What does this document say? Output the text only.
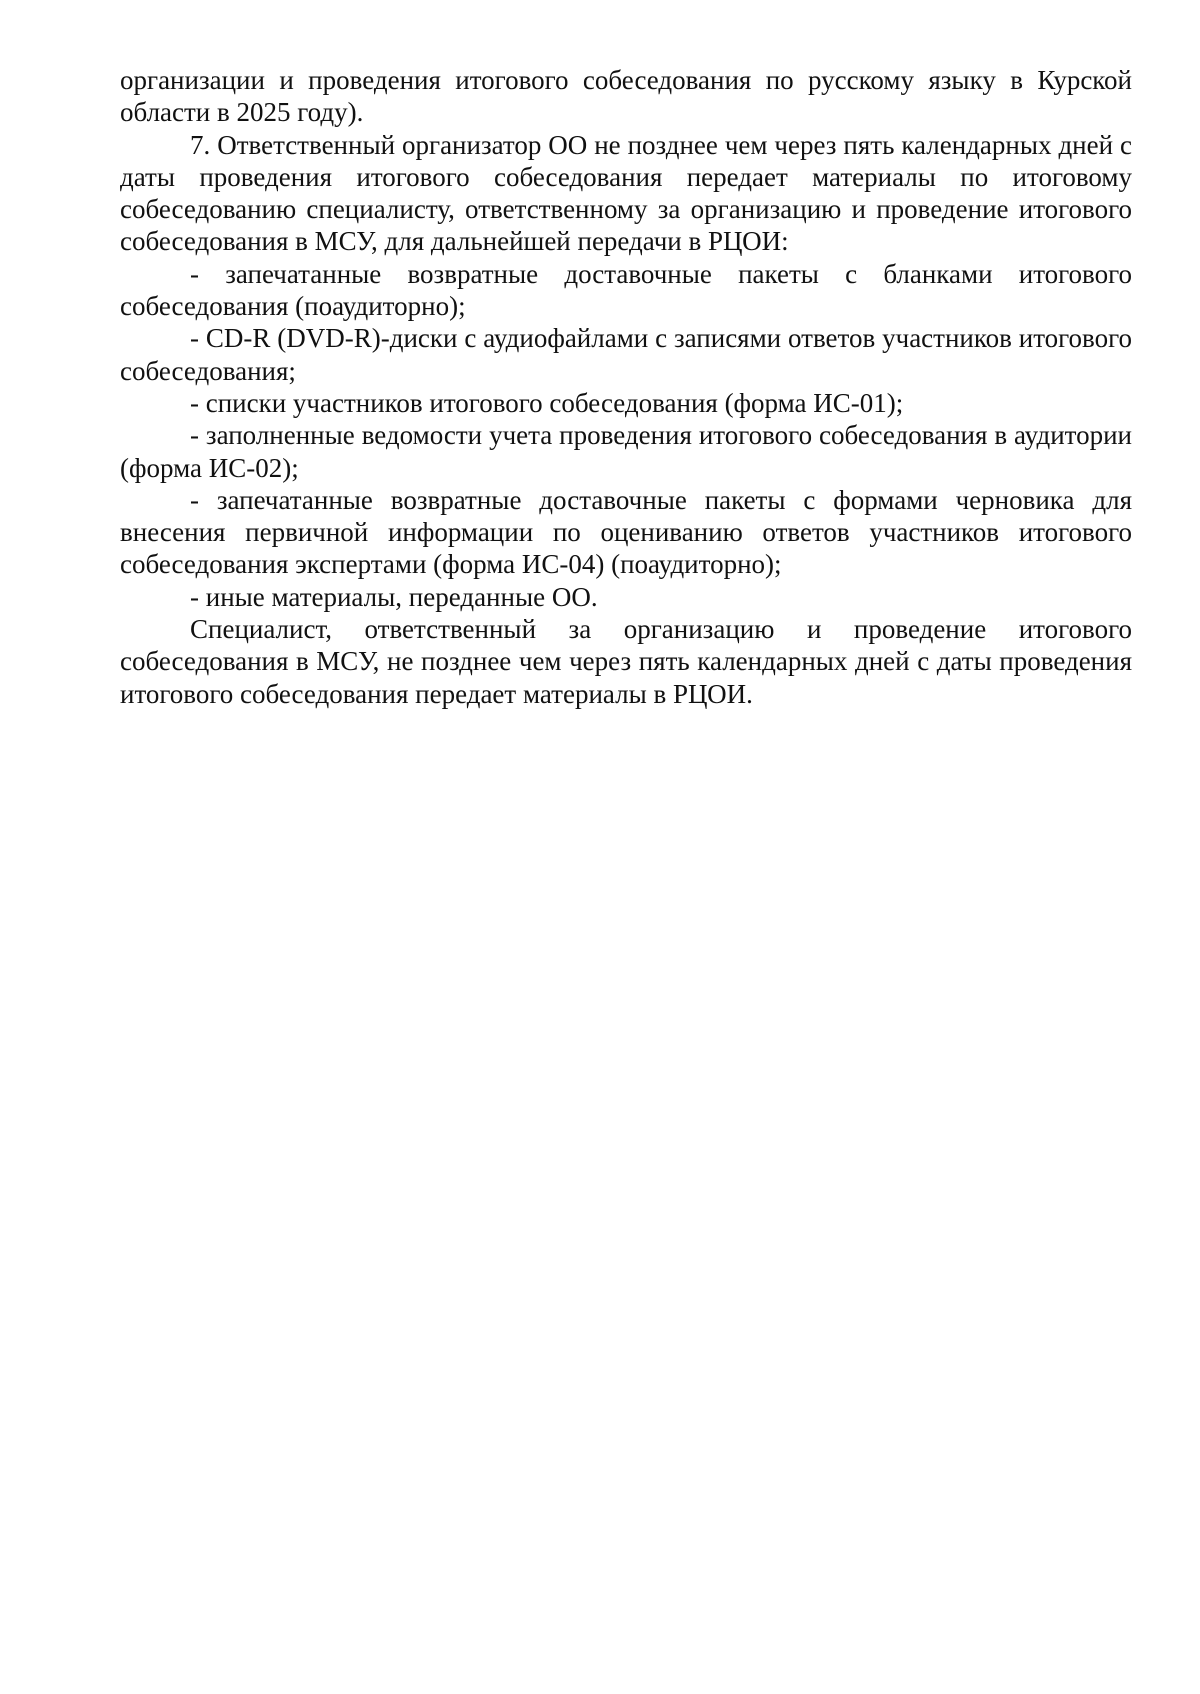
организации и проведения итогового собеседования по русскому языку в Курской области в 2025 году).

7. Ответственный организатор ОО не позднее чем через пять календарных дней с даты проведения итогового собеседования передает материалы по итоговому собеседованию специалисту, ответственному за организацию и проведение итогового собеседования в МСУ, для дальнейшей передачи в РЦОИ:

- запечатанные возвратные доставочные пакеты с бланками итогового собеседования (поаудиторно);

- CD-R (DVD-R)-диски с аудиофайлами с записями ответов участников итогового собеседования;

- списки участников итогового собеседования (форма ИС-01);

- заполненные ведомости учета проведения итогового собеседования в аудитории (форма ИС-02);

- запечатанные возвратные доставочные пакеты с формами черновика для внесения первичной информации по оцениванию ответов участников итогового собеседования экспертами (форма ИС-04) (поаудиторно);

- иные материалы, переданные ОО.

Специалист, ответственный за организацию и проведение итогового собеседования в МСУ, не позднее чем через пять календарных дней с даты проведения итогового собеседования передает материалы в РЦОИ.
